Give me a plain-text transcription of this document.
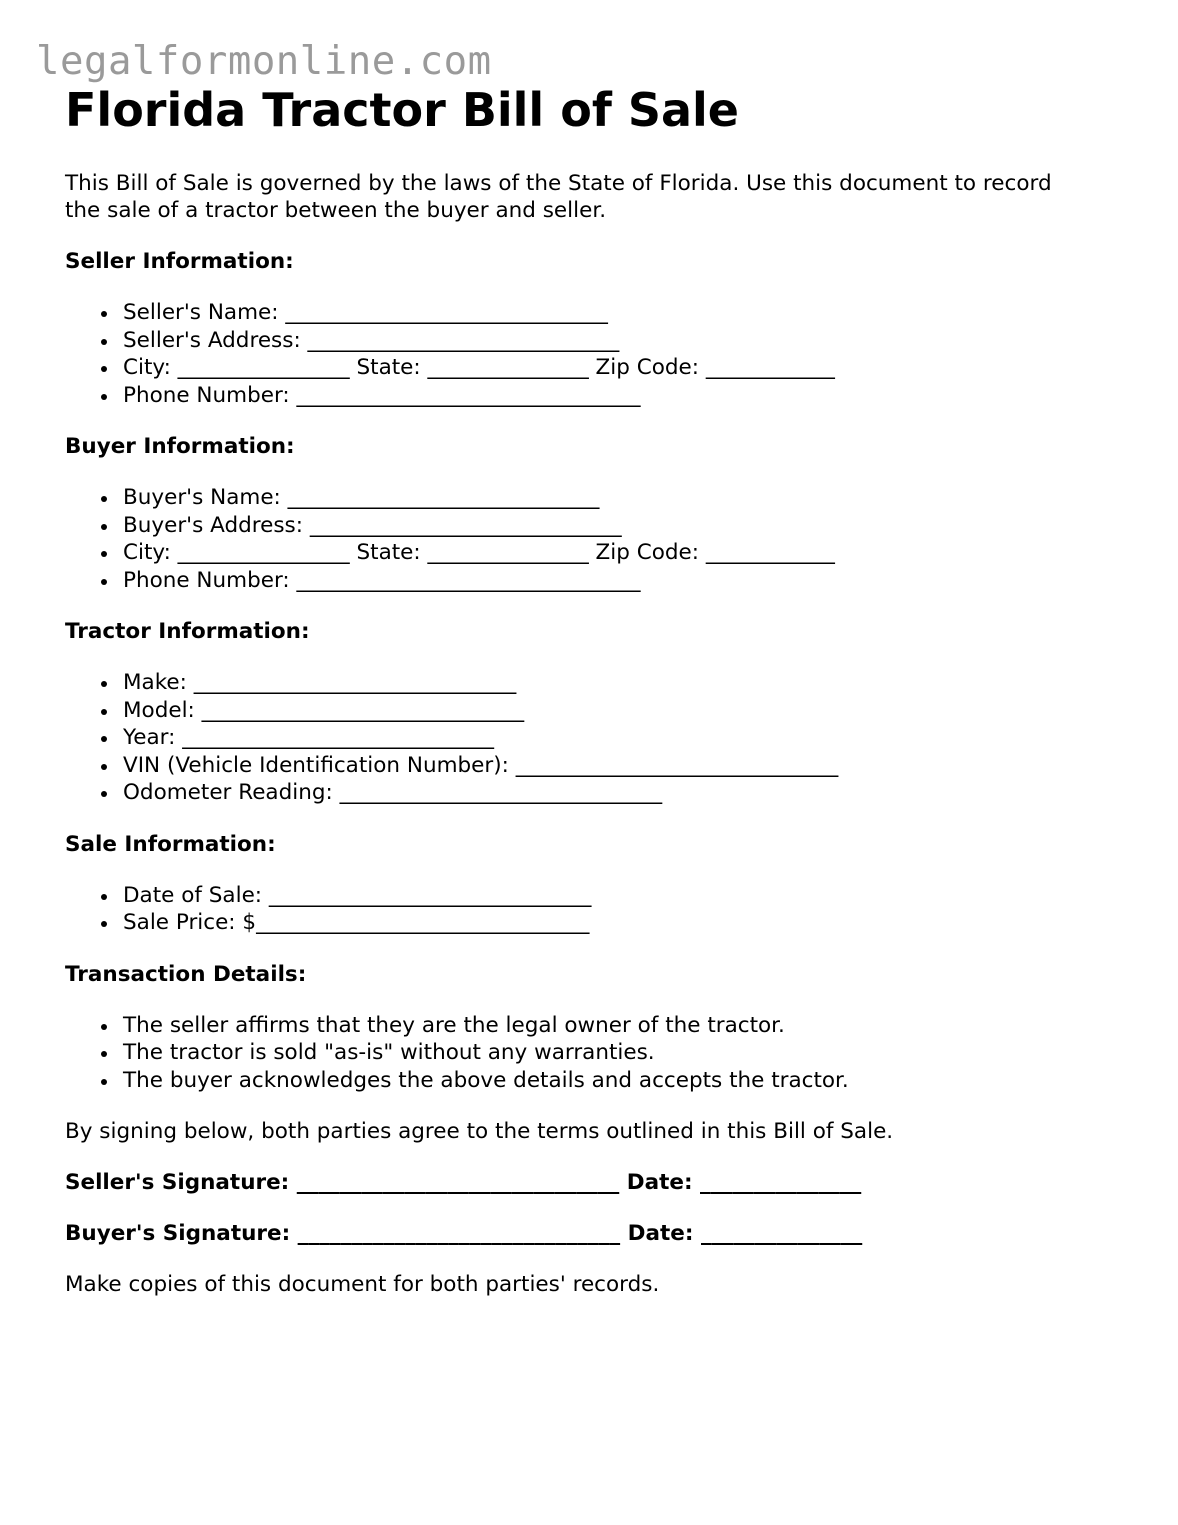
legalformonline.com
Florida Tractor Bill of Sale

This Bill of Sale is governed by the laws of the State of Florida. Use this document to record the sale of a tractor between the buyer and seller.

Seller Information:
Seller's Name: ______________________________
Seller's Address: _____________________________
City: ________________ State: _______________ Zip Code: ____________
Phone Number: ________________________________
Buyer Information:
Buyer's Name: _____________________________
Buyer's Address: _____________________________
City: ________________ State: _______________ Zip Code: ____________
Phone Number: ________________________________
Tractor Information:
Make: ______________________________
Model: ______________________________
Year: _____________________________
VIN (Vehicle Identification Number): ______________________________
Odometer Reading: ______________________________
Sale Information:
Date of Sale: ______________________________
Sale Price: $_______________________________
Transaction Details:
The seller affirms that they are the legal owner of the tractor.
The tractor is sold "as-is" without any warranties.
The buyer acknowledges the above details and accepts the tractor.

By signing below, both parties agree to the terms outlined in this Bill of Sale.

Seller's Signature: ______________________________ Date: _______________

Buyer's Signature: ______________________________ Date: _______________

Make copies of this document for both parties' records.
